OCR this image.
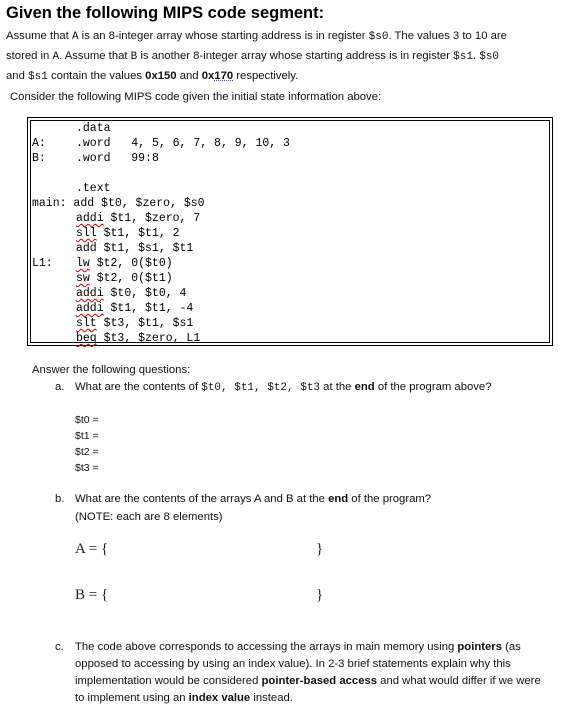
Given the following MIPS code segment:

Assume that A is an 8-integer array whose starting address is in register $s0. The values 3 to 10 are

stored in A. Assume that B is another 8-integer array whose starting address is in register $s1. $s0

and $s1 contain the values 0x150 and 0x170 respectively.

Consider the following MIPS code given the initial state information above:
.data
A:	.word 4, 5, 6, 7, 8, 9, 10, 3
B:	.word 99:8
.text
main: add $t0, $zero, $s0
addi $t1, $zero, 7
sll $t1, $t1, 2
add $t1, $s1, $t1
L1: lw $t2, 0($t0)
sw $t2, 0($t1)
addi $t0, $t0, 4
addi $t1, $t1, -4
slt $t3, $t1, $s1
beq $t3, $zero, L1
Answer the following questions:
a. What are the contents of $t0, $t1, $t2, $t3 at the end of the program above?
$t0 =
$t1 =
$t2 =
$t3 =
b. What are the contents of the arrays A and B at the end of the program?
(NOTE: each are 8 elements)
A = {	}
B = {	}
c. The code above corresponds to accessing the arrays in main memory using pointers (as opposed to accessing by using an index value). In 2-3 brief statements explain why this implementation would be considered pointer-based access and what would differ if we were to implement using an index value instead.
